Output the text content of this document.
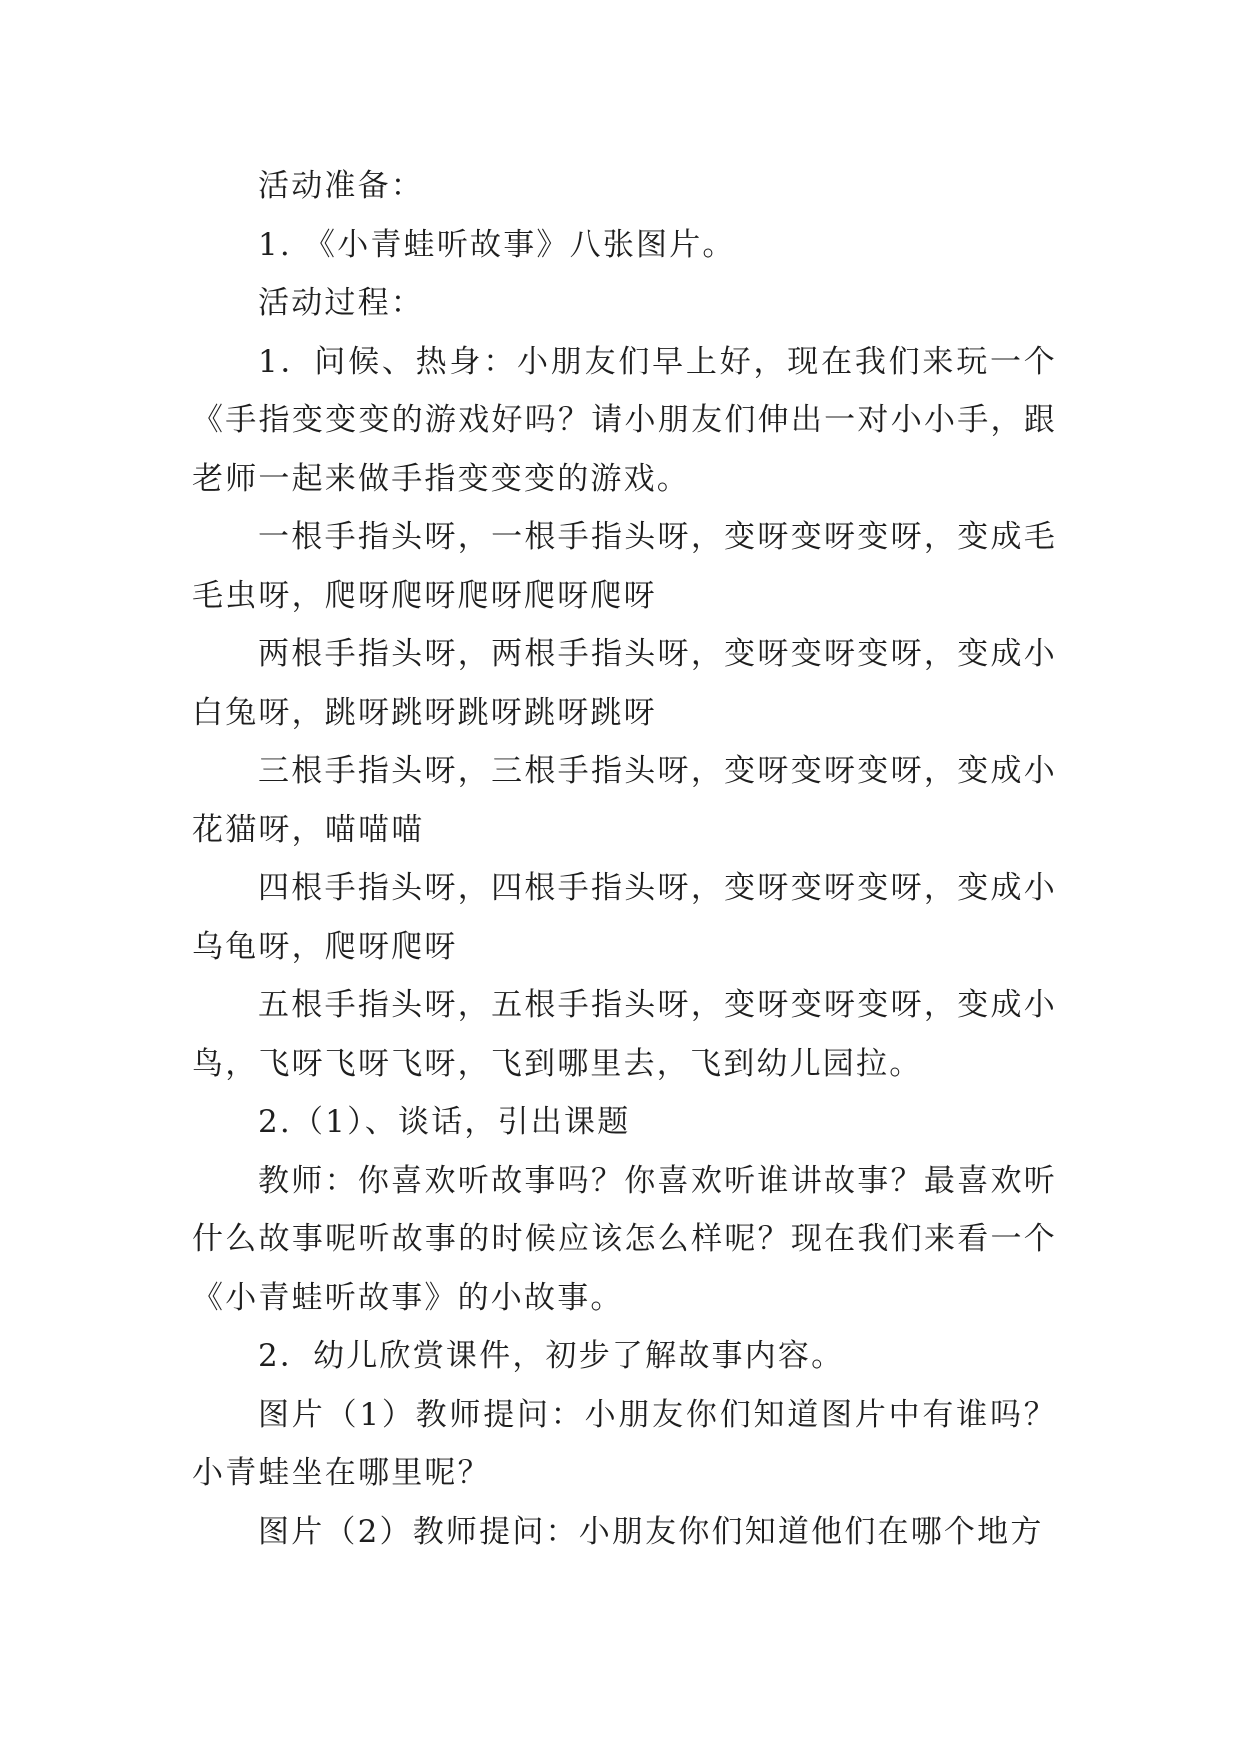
活动准备：

1. 《小青蛙听故事》八张图片。

活动过程：

1．问候、热身：小朋友们早上好，现在我们来玩一个《手指变变变的游戏好吗？请小朋友们伸出一对小小手，跟老师一起来做手指变变变的游戏。

一根手指头呀，一根手指头呀，变呀变呀变呀，变成毛毛虫呀，爬呀爬呀爬呀爬呀爬呀

两根手指头呀，两根手指头呀，变呀变呀变呀，变成小白兔呀，跳呀跳呀跳呀跳呀跳呀

三根手指头呀，三根手指头呀，变呀变呀变呀，变成小花猫呀，喵喵喵

四根手指头呀，四根手指头呀，变呀变呀变呀，变成小乌龟呀，爬呀爬呀

五根手指头呀，五根手指头呀，变呀变呀变呀，变成小鸟，飞呀飞呀飞呀，飞到哪里去，飞到幼儿园拉。

2.（1）、谈话，引出课题

教师：你喜欢听故事吗？你喜欢听谁讲故事？最喜欢听什么故事呢听故事的时候应该怎么样呢？现在我们来看一个《小青蛙听故事》的小故事。

2．幼儿欣赏课件，初步了解故事内容。

图片（1）教师提问：小朋友你们知道图片中有谁吗？小青蛙坐在哪里呢？

图片（2）教师提问：小朋友你们知道他们在哪个地方
